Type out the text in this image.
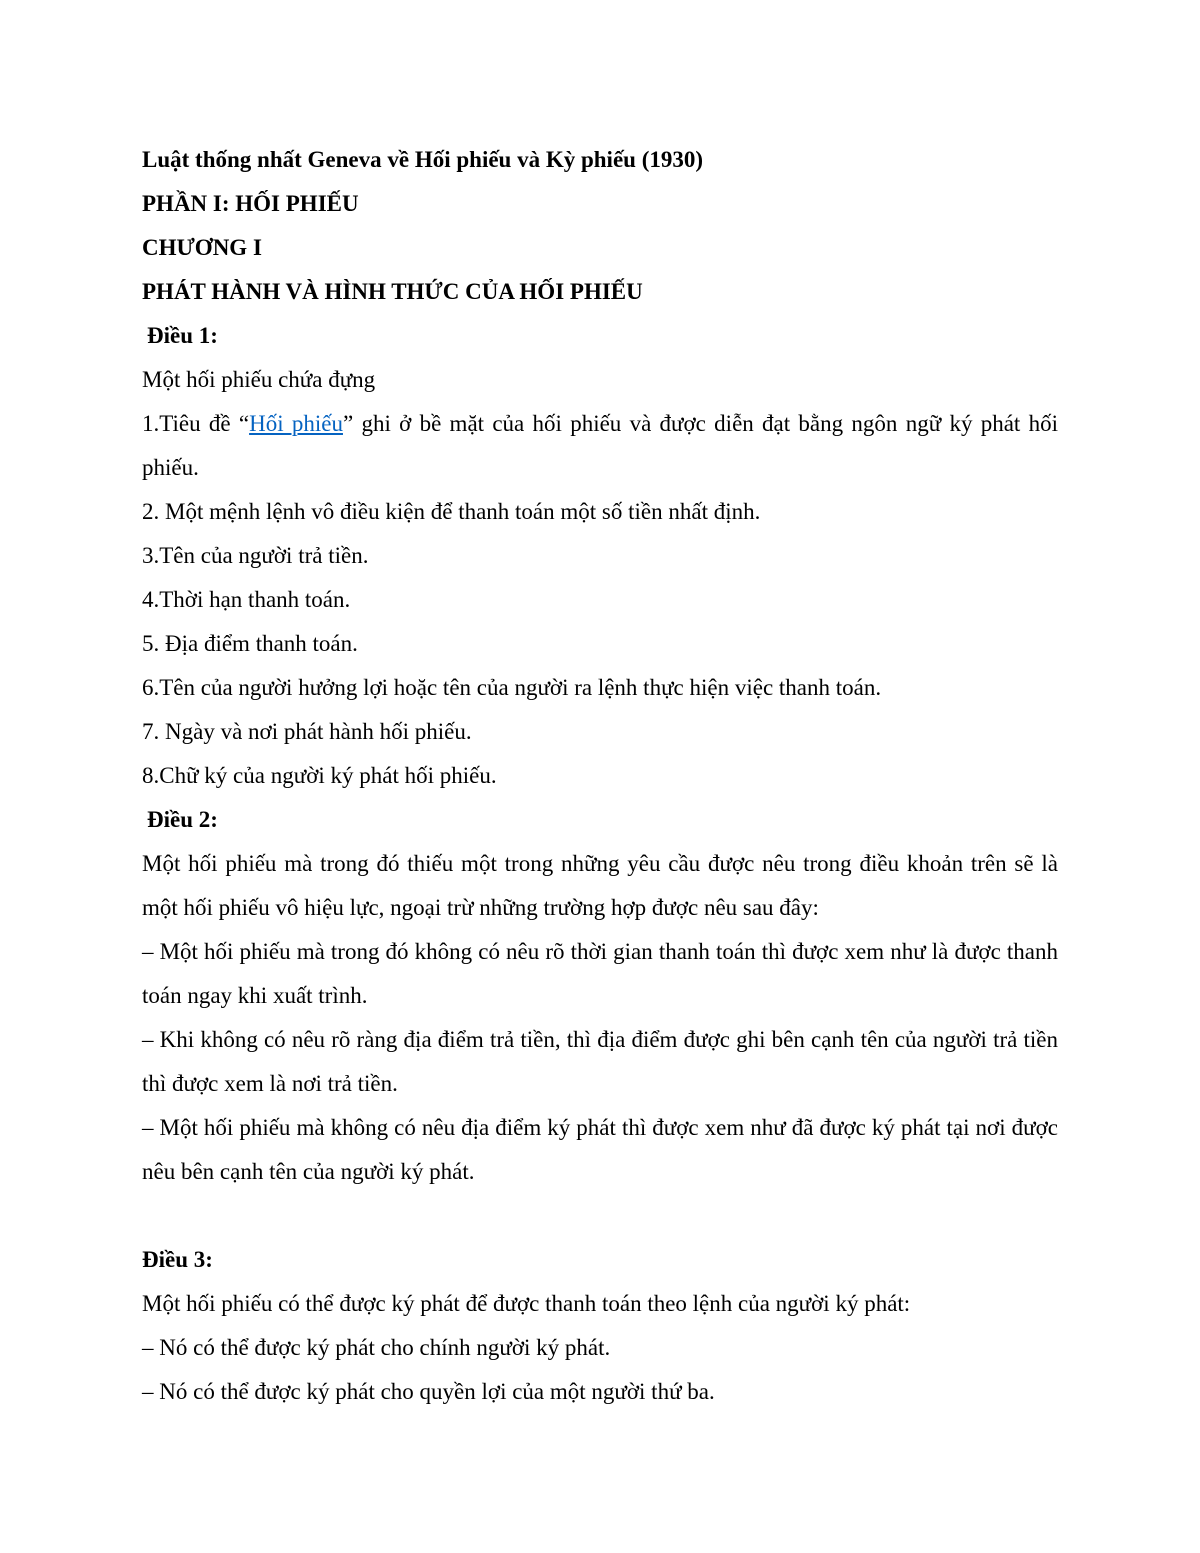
Luật thống nhất Geneva về Hối phiếu và Kỳ phiếu (1930)

PHẦN I: HỐI PHIẾU

CHƯƠNG I

PHÁT HÀNH VÀ HÌNH THỨC CỦA HỐI PHIẾU

Điều 1:

Một hối phiếu chứa đựng

1.Tiêu đề “Hối phiếu” ghi ở bề mặt của hối phiếu và được diễn đạt bằng ngôn ngữ ký phát hối phiếu.

2. Một mệnh lệnh vô điều kiện để thanh toán một số tiền nhất định.

3.Tên của người trả tiền.

4.Thời hạn thanh toán.

5. Địa điểm thanh toán.

6.Tên của người hưởng lợi hoặc tên của người ra lệnh thực hiện việc thanh toán.

7. Ngày và nơi phát hành hối phiếu.

8.Chữ ký của người ký phát hối phiếu.

Điều 2:

Một hối phiếu mà trong đó thiếu một trong những yêu cầu được nêu trong điều khoản trên sẽ là một hối phiếu vô hiệu lực, ngoại trừ những trường hợp được nêu sau đây:

– Một hối phiếu mà trong đó không có nêu rõ thời gian thanh toán thì được xem như là được thanh toán ngay khi xuất trình.

– Khi không có nêu rõ ràng địa điểm trả tiền, thì địa điểm được ghi bên cạnh tên của người trả tiền thì được xem là nơi trả tiền.

– Một hối phiếu mà không có nêu địa điểm ký phát thì được xem như đã được ký phát tại nơi được nêu bên cạnh tên của người ký phát.

Điều 3:

Một hối phiếu có thể được ký phát để được thanh toán theo lệnh của người ký phát:

– Nó có thể được ký phát cho chính người ký phát.

– Nó có thể được ký phát cho quyền lợi của một người thứ ba.
